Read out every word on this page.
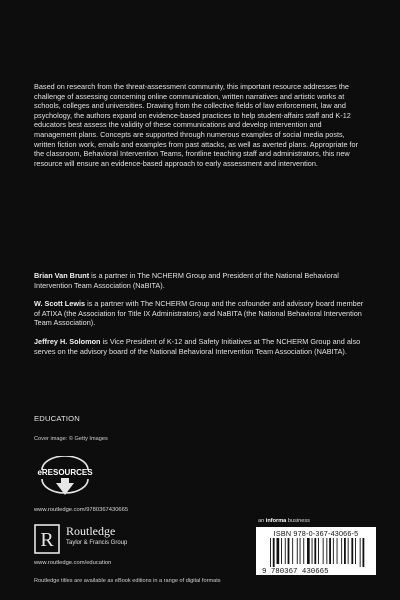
Based on research from the threat-assessment community, this important resource addresses the challenge of assessing concerning online communication, written narratives and artistic works at schools, colleges and universities. Drawing from the collective fields of law enforcement, law and psychology, the authors expand on evidence-based practices to help student-affairs staff and K-12 educators best assess the validity of these communications and develop intervention and management plans. Concepts are supported through numerous examples of social media posts, written fiction work, emails and examples from past attacks, as well as averted plans. Appropriate for the classroom, Behavioral Intervention Teams, frontline teaching staff and administrators, this new resource will ensure an evidence-based approach to early assessment and intervention.
Brian Van Brunt is a partner in The NCHERM Group and President of the National Behavioral Intervention Team Association (NaBITA).
W. Scott Lewis is a partner with The NCHERM Group and the cofounder and advisory board member of ATIXA (the Association for Title IX Administrators) and NaBITA (the National Behavioral Intervention Team Association).
Jeffrey H. Solomon is Vice President of K-12 and Safety Initiatives at The NCHERM Group and also serves on the advisory board of the National Behavioral Intervention Team Association (NABITA).
EDUCATION
Cover image: © Getty Images
eRESOURCES
www.routledge.com/9780367430665
R Routledge
Taylor & Francis Group
www.routledge.com/education
Routledge titles are available as eBook editions in a range of digital formats
an informa business
ISBN 978-0-367-43066-5
9 780367 430665
